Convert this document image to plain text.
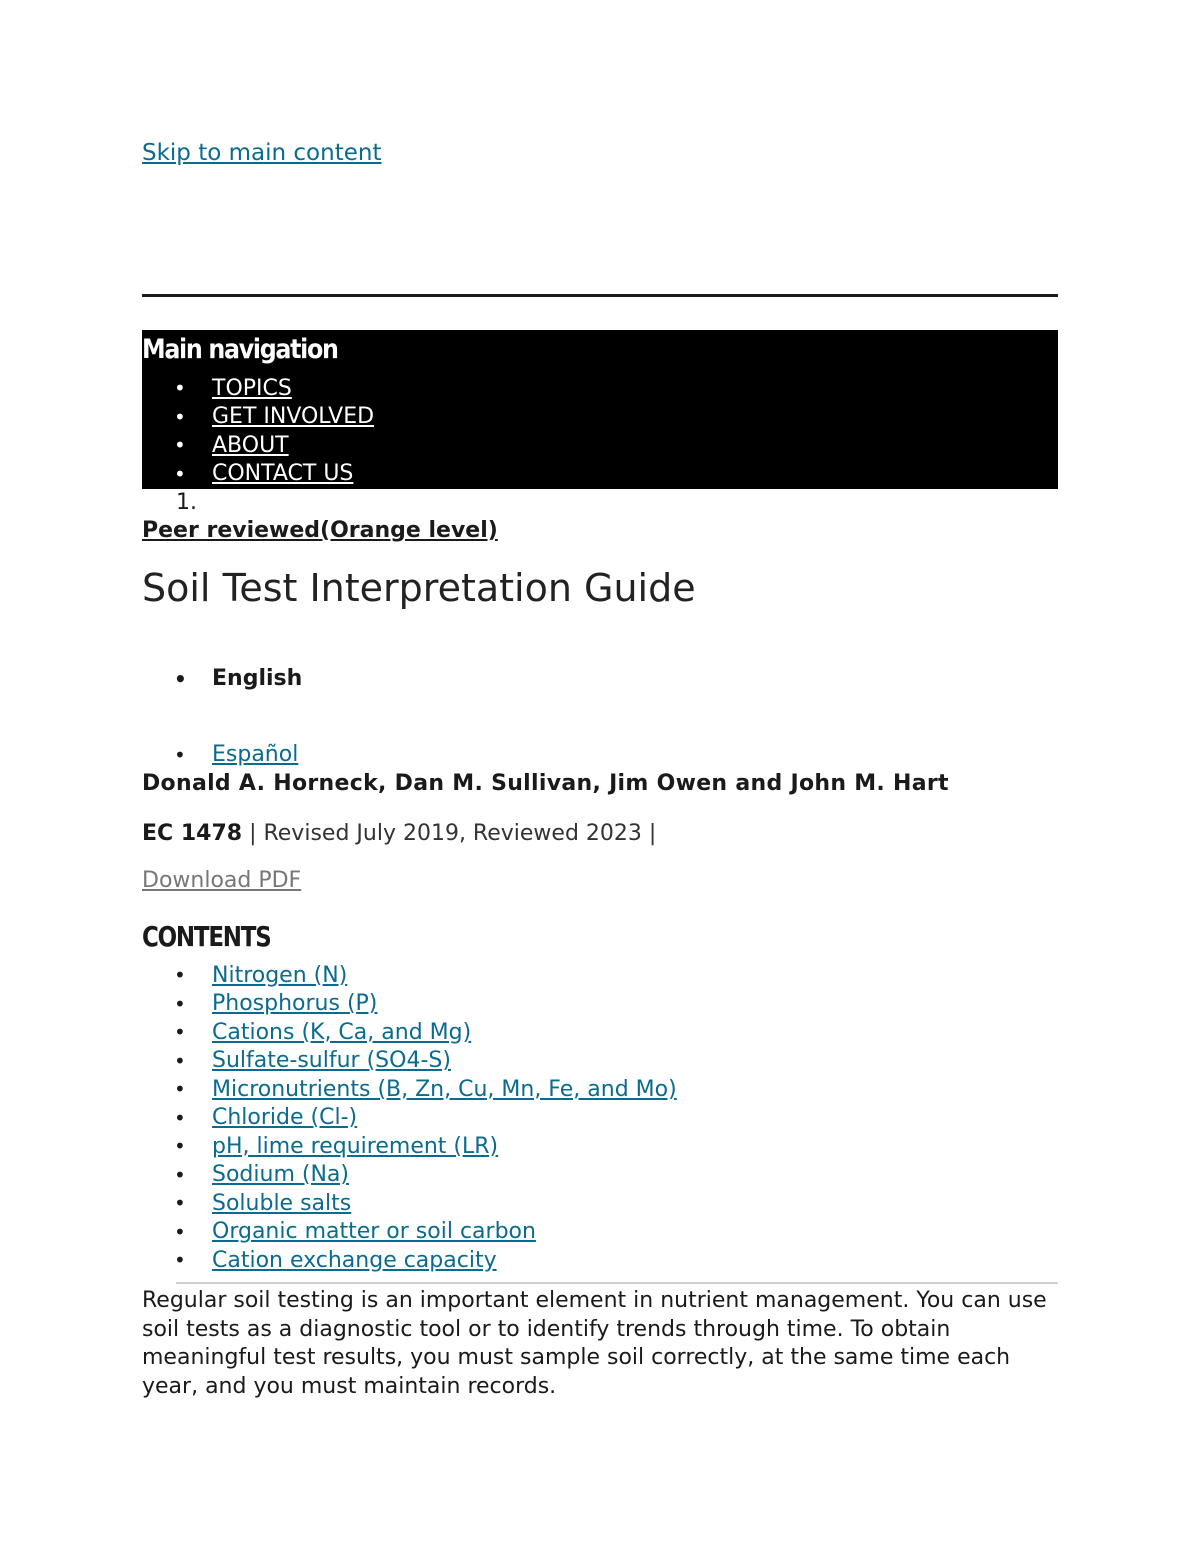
Skip to main content
Main navigation
•	TOPICS
•	GET INVOLVED
•	ABOUT
•	CONTACT US
1.
Peer reviewed(Orange level)
Soil Test Interpretation Guide
•	English
•	Español
Donald A. Horneck, Dan M. Sullivan, Jim Owen and John M. Hart
EC 1478 | Revised July 2019, Reviewed 2023 |
Download PDF
CONTENTS
•	Nitrogen (N)
•	Phosphorus (P)
•	Cations (K, Ca, and Mg)
•	Sulfate-sulfur (SO4-S)
•	Micronutrients (B, Zn, Cu, Mn, Fe, and Mo)
•	Chloride (Cl-)
•	pH, lime requirement (LR)
•	Sodium (Na)
•	Soluble salts
•	Organic matter or soil carbon
•	Cation exchange capacity

Regular soil testing is an important element in nutrient management. You can use soil tests as a diagnostic tool or to identify trends through time. To obtain meaningful test results, you must sample soil correctly, at the same time each year, and you must maintain records.
